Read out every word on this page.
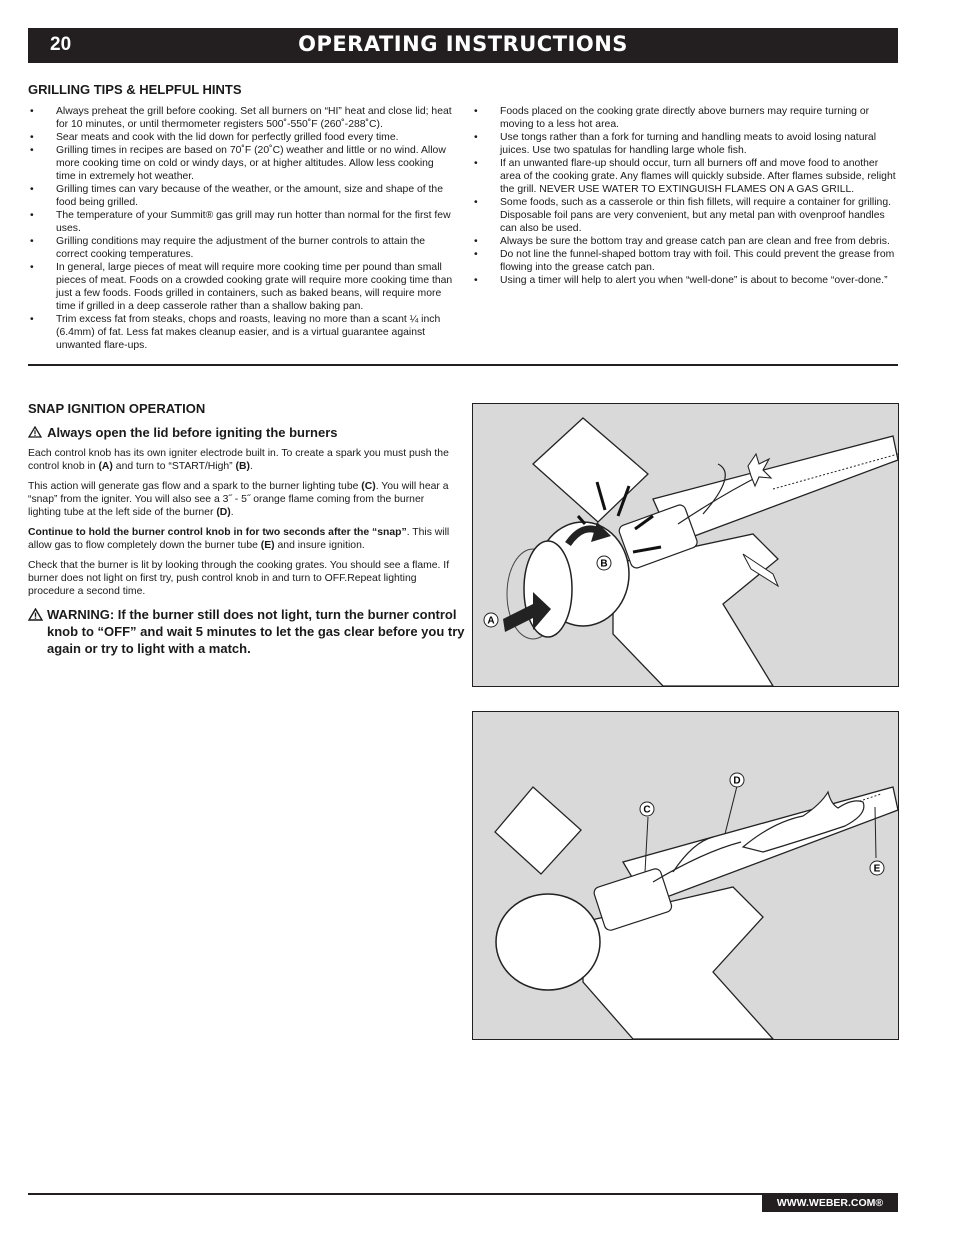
20	OPERATING INSTRUCTIONS
GRILLING TIPS & HELPFUL HINTS
• Always preheat the grill before cooking. Set all burners on “HI” heat and close lid; heat for 10 minutes, or until thermometer registers 500˚-550˚F (260˚-288˚C).
• Sear meats and cook with the lid down for perfectly grilled food every time.
• Grilling times in recipes are based on 70˚F (20˚C) weather and little or no wind. Allow more cooking time on cold or windy days, or at higher altitudes. Allow less cooking time in extremely hot weather.
• Grilling times can vary because of the weather, or the amount, size and shape of the food being grilled.
• The temperature of your Summit® gas grill may run hotter than normal for the first few uses.
• Grilling conditions may require the adjustment of the burner controls to attain the correct cooking temperatures.
• In general, large pieces of meat will require more cooking time per pound than small pieces of meat. Foods on a crowded cooking grate will require more cooking time than just a few foods. Foods grilled in containers, such as baked beans, will require more time if grilled in a deep casserole rather than a shallow baking pan.
• Trim excess fat from steaks, chops and roasts, leaving no more than a scant ¼ inch (6.4mm) of fat. Less fat makes cleanup easier, and is a virtual guarantee against unwanted flare-ups.
• Foods placed on the cooking grate directly above burners may require turning or moving to a less hot area.
• Use tongs rather than a fork for turning and handling meats to avoid losing natural juices. Use two spatulas for handling large whole fish.
• If an unwanted flare-up should occur, turn all burners off and move food to another area of the cooking grate. Any flames will quickly subside. After flames subside, relight the grill. NEVER USE WATER TO EXTINGUISH FLAMES ON A GAS GRILL.
• Some foods, such as a casserole or thin fish fillets, will require a container for grilling. Disposable foil pans are very convenient, but any metal pan with ovenproof handles can also be used.
• Always be sure the bottom tray and grease catch pan are clean and free from debris.
• Do not line the funnel-shaped bottom tray with foil. This could prevent the grease from flowing into the grease catch pan.
• Using a timer will help to alert you when “well-done” is about to become “over-done.”
SNAP IGNITION OPERATION
Always open the lid before igniting the burners

Each control knob has its own igniter electrode built in. To create a spark you must push the control knob in (A) and turn to “START/High” (B).

This action will generate gas flow and a spark to the burner lighting tube (C). You will hear a “snap” from the igniter. You will also see a 3˝ - 5˝ orange flame coming from the burner lighting tube at the left side of the burner (D).

Continue to hold the burner control knob in for two seconds after the “snap”. This will allow gas to flow completely down the burner tube (E) and insure ignition.

Check that the burner is lit by looking through the cooking grates. You should see a flame. If burner does not light on first try, push control knob in and turn to OFF.Repeat lighting procedure a second time.

WARNING: If the burner still does not light, turn the burner control knob to “OFF” and wait 5 minutes to let the gas clear before you try again or try to light with a match.
B
A
C
D
E
WWW.WEBER.COM®
